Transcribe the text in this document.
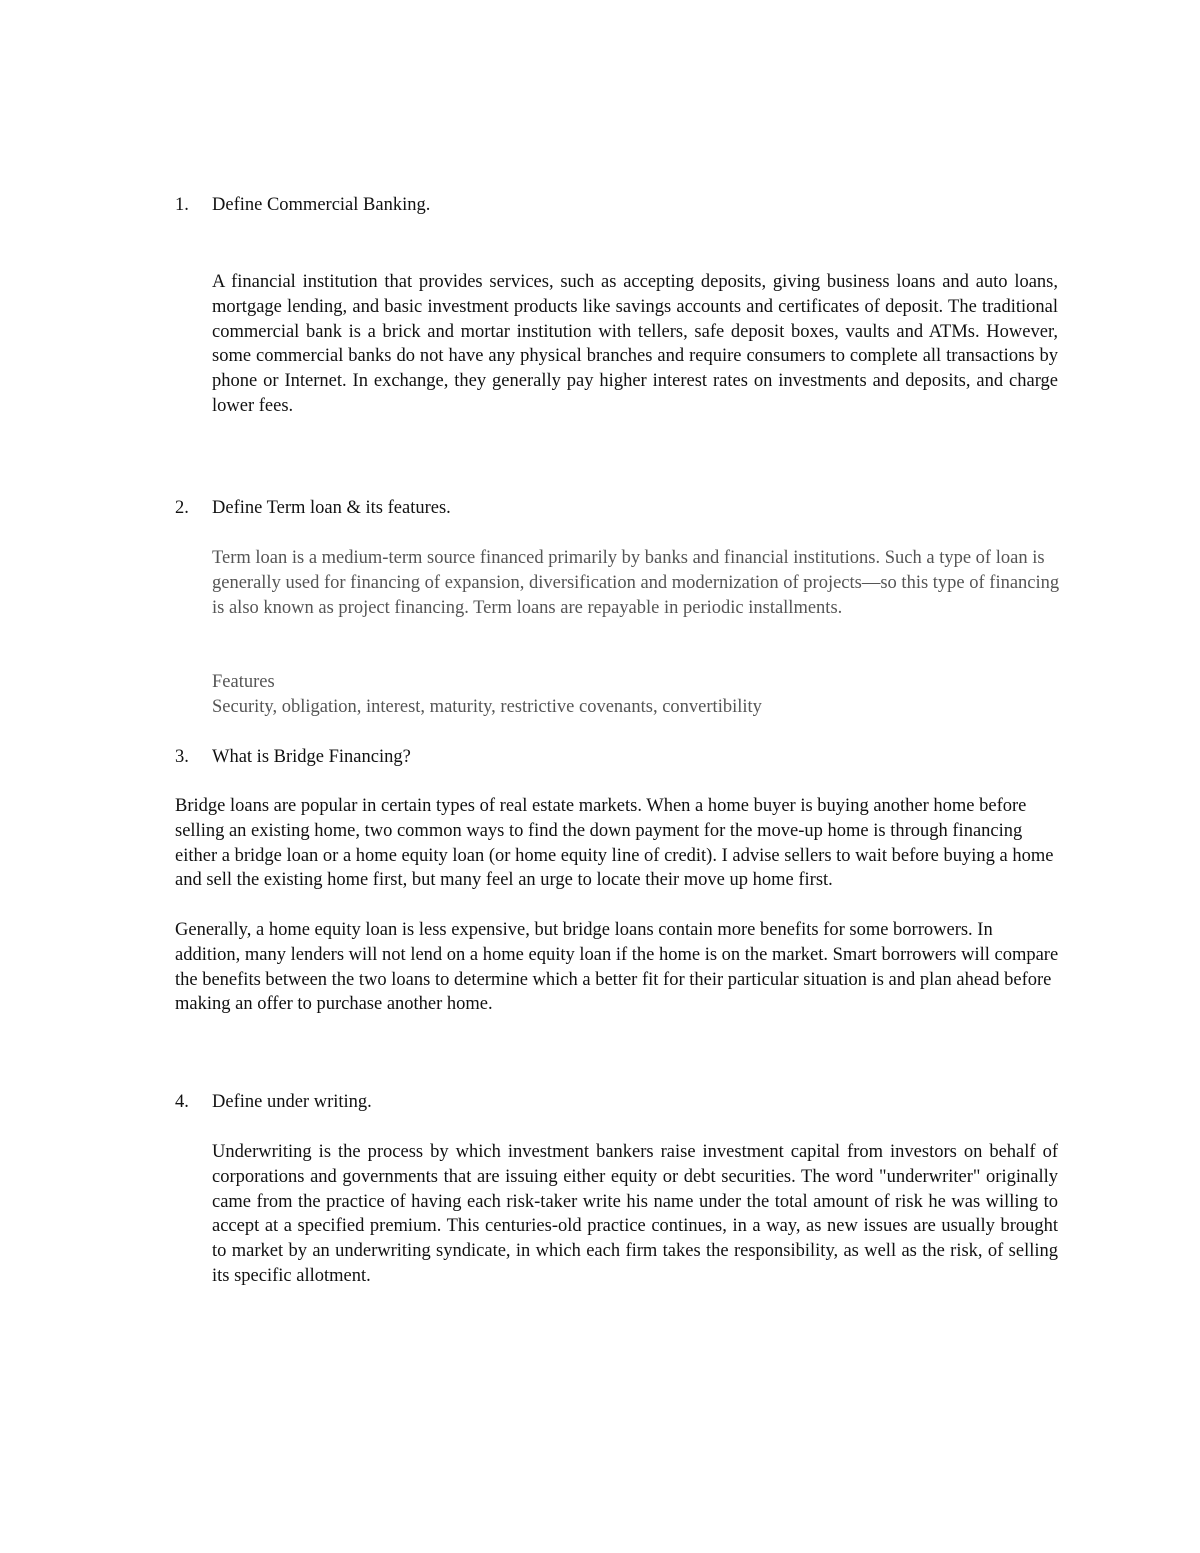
1. Define Commercial Banking.

A financial institution that provides services, such as accepting deposits, giving business loans and auto loans, mortgage lending, and basic investment products like savings accounts and certificates of deposit. The traditional commercial bank is a brick and mortar institution with tellers, safe deposit boxes, vaults and ATMs. However, some commercial banks do not have any physical branches and require consumers to complete all transactions by phone or Internet. In exchange, they generally pay higher interest rates on investments and deposits, and charge lower fees.

2. Define Term loan & its features.

Term loan is a medium-term source financed primarily by banks and financial institutions. Such a type of loan is generally used for financing of expansion, diversification and modernization of projects—so this type of financing is also known as project financing. Term loans are repayable in periodic installments.

Features

Security, obligation, interest, maturity, restrictive covenants, convertibility

3. What is Bridge Financing?

Bridge loans are popular in certain types of real estate markets. When a home buyer is buying another home before selling an existing home, two common ways to find the down payment for the move-up home is through financing either a bridge loan or a home equity loan (or home equity line of credit). I advise sellers to wait before buying a home and sell the existing home first, but many feel an urge to locate their move up home first.

Generally, a home equity loan is less expensive, but bridge loans contain more benefits for some borrowers. In addition, many lenders will not lend on a home equity loan if the home is on the market. Smart borrowers will compare the benefits between the two loans to determine which a better fit for their particular situation is and plan ahead before making an offer to purchase another home.

4. Define under writing.

Underwriting is the process by which investment bankers raise investment capital from investors on behalf of corporations and governments that are issuing either equity or debt securities. The word "underwriter" originally came from the practice of having each risk-taker write his name under the total amount of risk he was willing to accept at a specified premium. This centuries-old practice continues, in a way, as new issues are usually brought to market by an underwriting syndicate, in which each firm takes the responsibility, as well as the risk, of selling its specific allotment.
